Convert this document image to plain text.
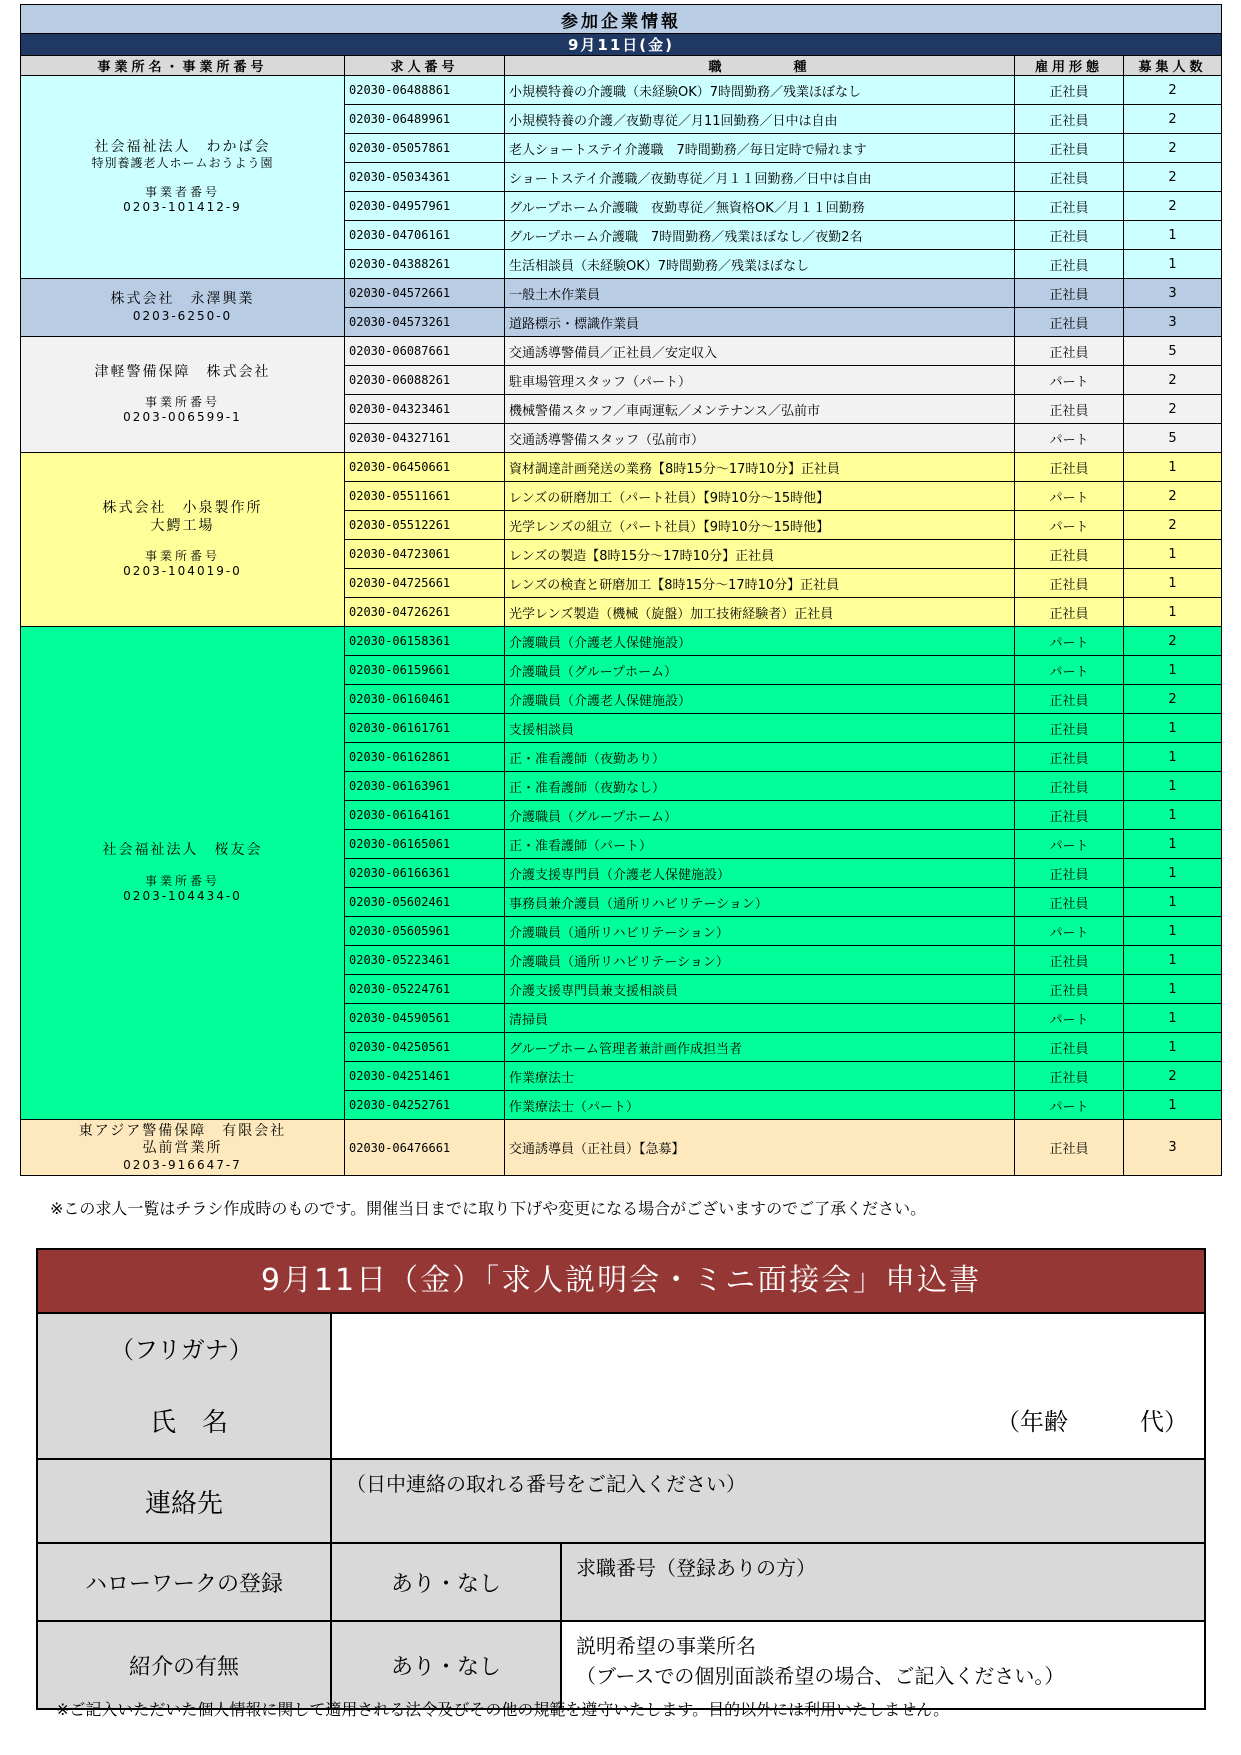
参加企業情報				
9月11日(金)				
事業所名・事業所番号	求人番号	職　　　　種	雇用形態	募集人数

社会福祉法人　わかば会
特別養護老人ホームおうよう園
事業者番号
0203-101412-9	02030-06488861	小規模特養の介護職（未経験OK）7時間勤務／残業ほぼなし	正社員	2
	02030-06489961	小規模特養の介護／夜勤専従／月11回勤務／日中は自由	正社員	2
	02030-05057861	老人ショートステイ介護職　7時間勤務／毎日定時で帰れます	正社員	2
	02030-05034361	ショートステイ介護職／夜勤専従／月１１回勤務／日中は自由	正社員	2
	02030-04957961	グループホーム介護職　夜勤専従／無資格OK／月１１回勤務	正社員	2
	02030-04706161	グループホーム介護職　7時間勤務／残業ほぼなし／夜勤2名	正社員	1
	02030-04388261	生活相談員（未経験OK）7時間勤務／残業ほぼなし	正社員	1

株式会社　永澤興業
0203-6250-0	02030-04572661	一般土木作業員	正社員	3
	02030-04573261	道路標示・標識作業員	正社員	3

津軽警備保障　株式会社
事業所番号
0203-006599-1	02030-06087661	交通誘導警備員／正社員／安定収入	正社員	5
	02030-06088261	駐車場管理スタッフ（パート）	パート	2
	02030-04323461	機械警備スタッフ／車両運転／メンテナンス／弘前市	正社員	2
	02030-04327161	交通誘導警備スタッフ（弘前市）	パート	5

株式会社　小泉製作所
大鰐工場
事業所番号
0203-104019-0	02030-06450661	資材調達計画発送の業務【8時15分～17時10分】正社員	正社員	1
	02030-05511661	レンズの研磨加工（パート社員）【9時10分～15時他】	パート	2
	02030-05512261	光学レンズの組立（パート社員）【9時10分～15時他】	パート	2
	02030-04723061	レンズの製造【8時15分～17時10分】正社員	正社員	1
	02030-04725661	レンズの検査と研磨加工【8時15分～17時10分】正社員	正社員	1
	02030-04726261	光学レンズ製造（機械（旋盤）加工技術経験者）正社員	正社員	1

社会福祉法人　桜友会
事業所番号
0203-104434-0	02030-06158361	介護職員（介護老人保健施設）	パート	2
	02030-06159661	介護職員（グループホーム）	パート	1
	02030-06160461	介護職員（介護老人保健施設）	正社員	2
	02030-06161761	支援相談員	正社員	1
	02030-06162861	正・准看護師（夜勤あり）	正社員	1
	02030-06163961	正・准看護師（夜勤なし）	正社員	1
	02030-06164161	介護職員（グループホーム）	正社員	1
	02030-06165061	正・准看護師（パート）	パート	1
	02030-06166361	介護支援専門員（介護老人保健施設）	正社員	1
	02030-05602461	事務員兼介護員（通所リハビリテーション）	正社員	1
	02030-05605961	介護職員（通所リハビリテーション）	パート	1
	02030-05223461	介護職員（通所リハビリテーション）	正社員	1
	02030-05224761	介護支援専門員兼支援相談員	正社員	1
	02030-04590561	清掃員	パート	1
	02030-04250561	グループホーム管理者兼計画作成担当者	正社員	1
	02030-04251461	作業療法士	正社員	2
	02030-04252761	作業療法士（パート）	パート	1

東アジア警備保障　有限会社
弘前営業所
0203-916647-7	02030-06476661	交通誘導員（正社員）【急募】	正社員	3
※この求人一覧はチラシ作成時のものです。開催当日までに取り下げや変更になる場合がございますのでご了承ください。
9月11日（金）「求人説明会・ミニ面接会」申込書
（フリガナ）
氏　名	（年齢　　　代）
連絡先
（日中連絡の取れる番号をご記入ください）
ハローワークの登録	あり・なし
求職番号（登録ありの方）
紹介の有無	あり・なし
説明希望の事業所名
（ブースでの個別面談希望の場合、ご記入ください。）
※ご記入いただいた個人情報に関して適用される法令及びその他の規範を遵守いたします。目的以外には利用いたしません。
